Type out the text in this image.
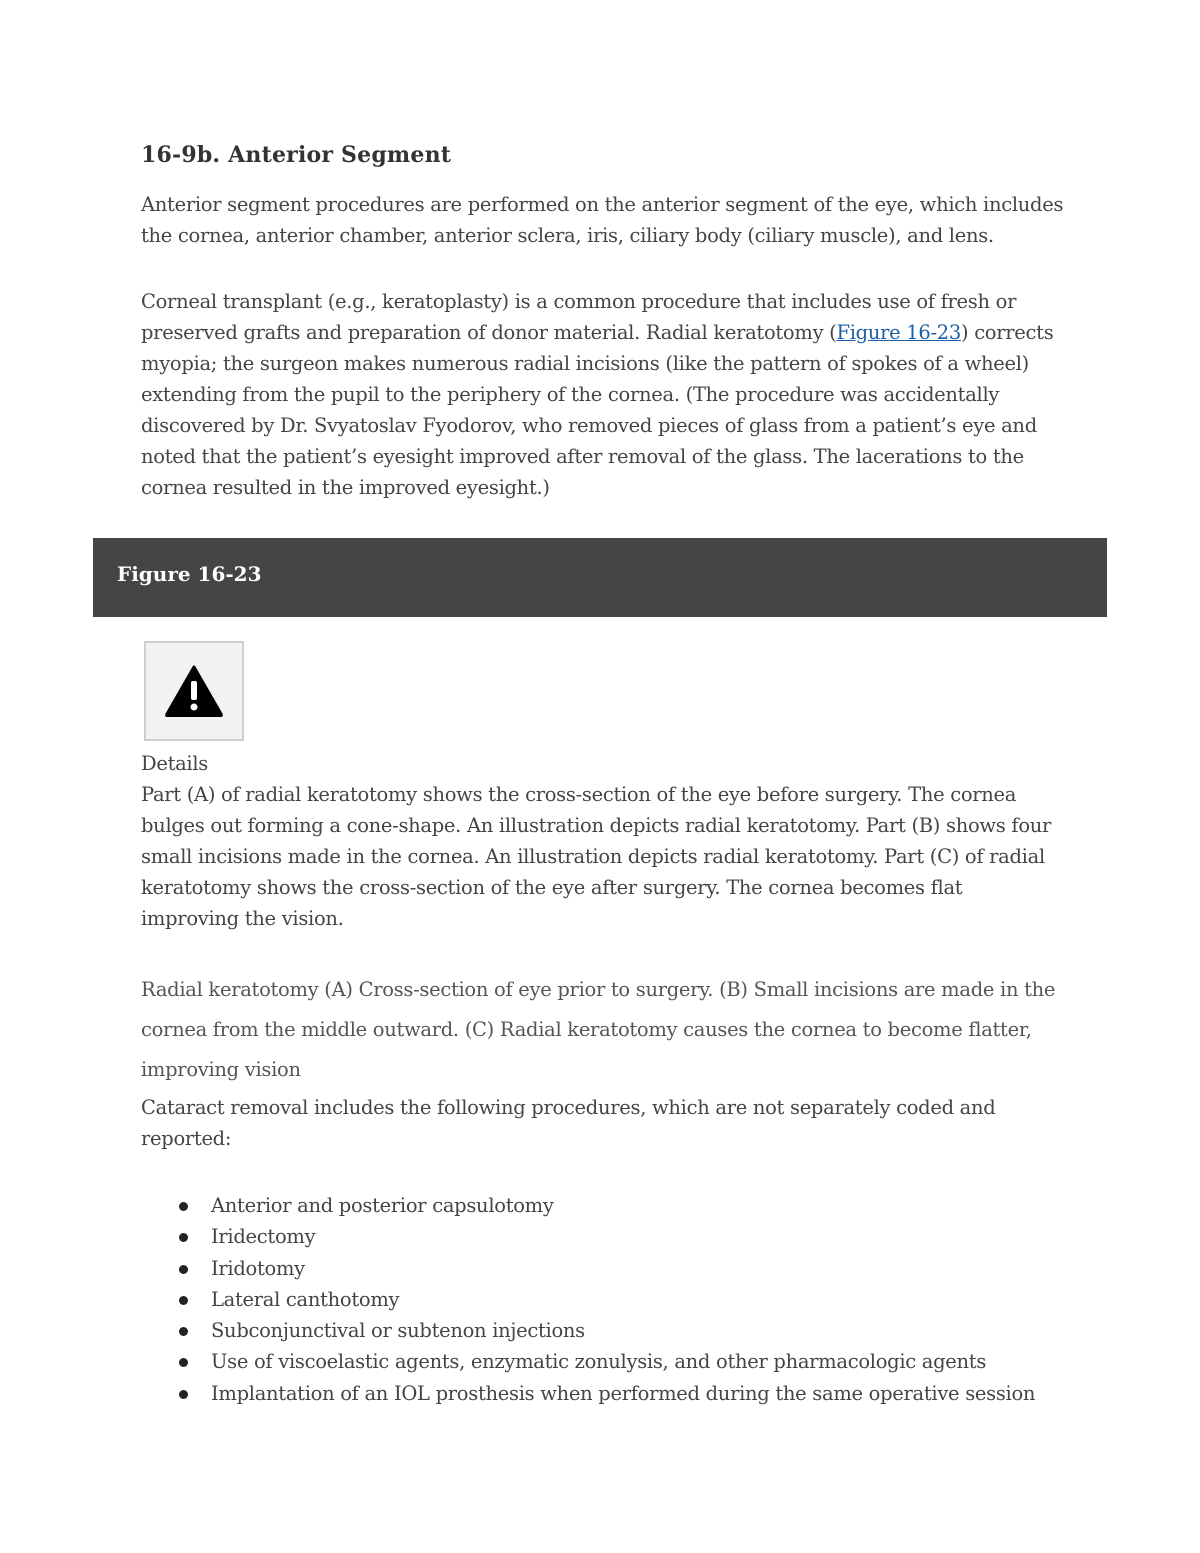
16-9b. Anterior Segment
Anterior segment procedures are performed on the anterior segment of the eye, which includes the cornea, anterior chamber, anterior sclera, iris, ciliary body (ciliary muscle), and lens.
Corneal transplant (e.g., keratoplasty) is a common procedure that includes use of fresh or preserved grafts and preparation of donor material. Radial keratotomy (Figure 16-23) corrects myopia; the surgeon makes numerous radial incisions (like the pattern of spokes of a wheel) extending from the pupil to the periphery of the cornea. (The procedure was accidentally discovered by Dr. Svyatoslav Fyodorov, who removed pieces of glass from a patient’s eye and noted that the patient’s eyesight improved after removal of the glass. The lacerations to the cornea resulted in the improved eyesight.)
Figure 16-23
Details
Part (A) of radial keratotomy shows the cross-section of the eye before surgery. The cornea bulges out forming a cone-shape. An illustration depicts radial keratotomy. Part (B) shows four small incisions made in the cornea. An illustration depicts radial keratotomy. Part (C) of radial keratotomy shows the cross-section of the eye after surgery. The cornea becomes flat improving the vision.
Radial keratotomy (A) Cross-section of eye prior to surgery. (B) Small incisions are made in the cornea from the middle outward. (C) Radial keratotomy causes the cornea to become flatter, improving vision
Cataract removal includes the following procedures, which are not separately coded and reported:
Anterior and posterior capsulotomy
Iridectomy
Iridotomy
Lateral canthotomy
Subconjunctival or subtenon injections
Use of viscoelastic agents, enzymatic zonulysis, and other pharmacologic agents
Implantation of an IOL prosthesis when performed during the same operative session
